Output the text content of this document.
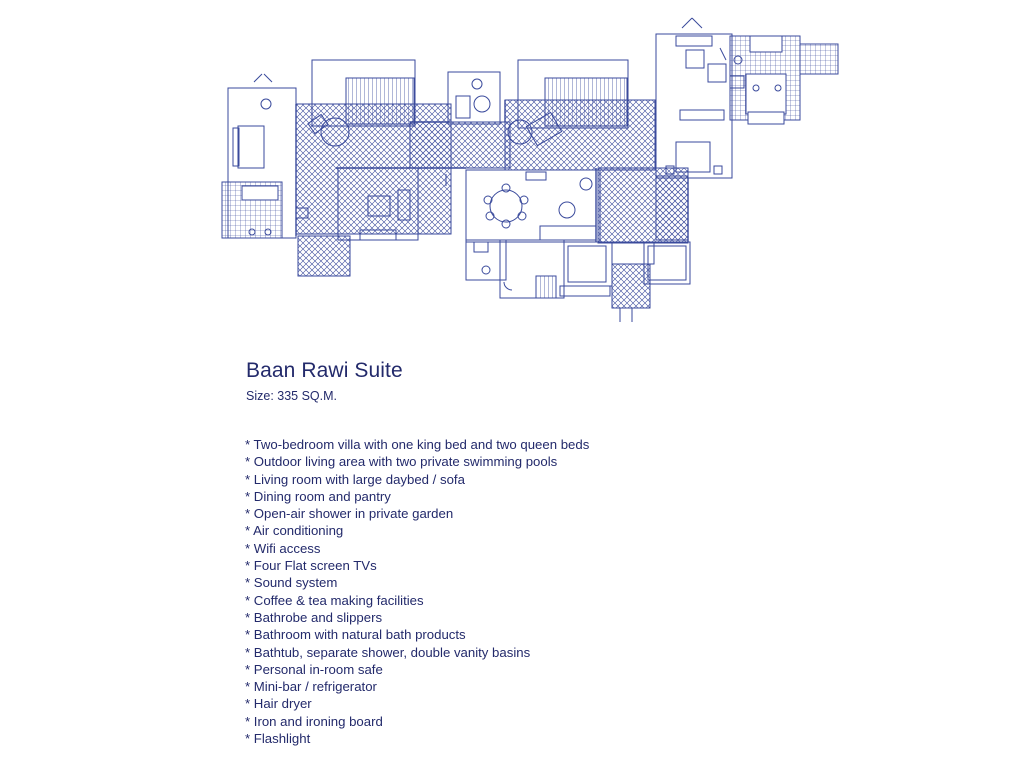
Baan Rawi Suite
Size: 335 SQ.M.
* Two-bedroom villa with one king bed and two queen beds
* Outdoor living area with two private swimming pools
* Living room with large daybed / sofa
* Dining room and pantry
* Open-air shower in private garden
* Air conditioning
* Wifi access
* Four Flat screen TVs
* Sound system
* Coffee & tea making facilities
* Bathrobe and slippers
* Bathroom with natural bath products
* Bathtub, separate shower, double vanity basins
* Personal in-room safe
* Mini-bar / refrigerator
* Hair dryer
* Iron and ironing board
* Flashlight
